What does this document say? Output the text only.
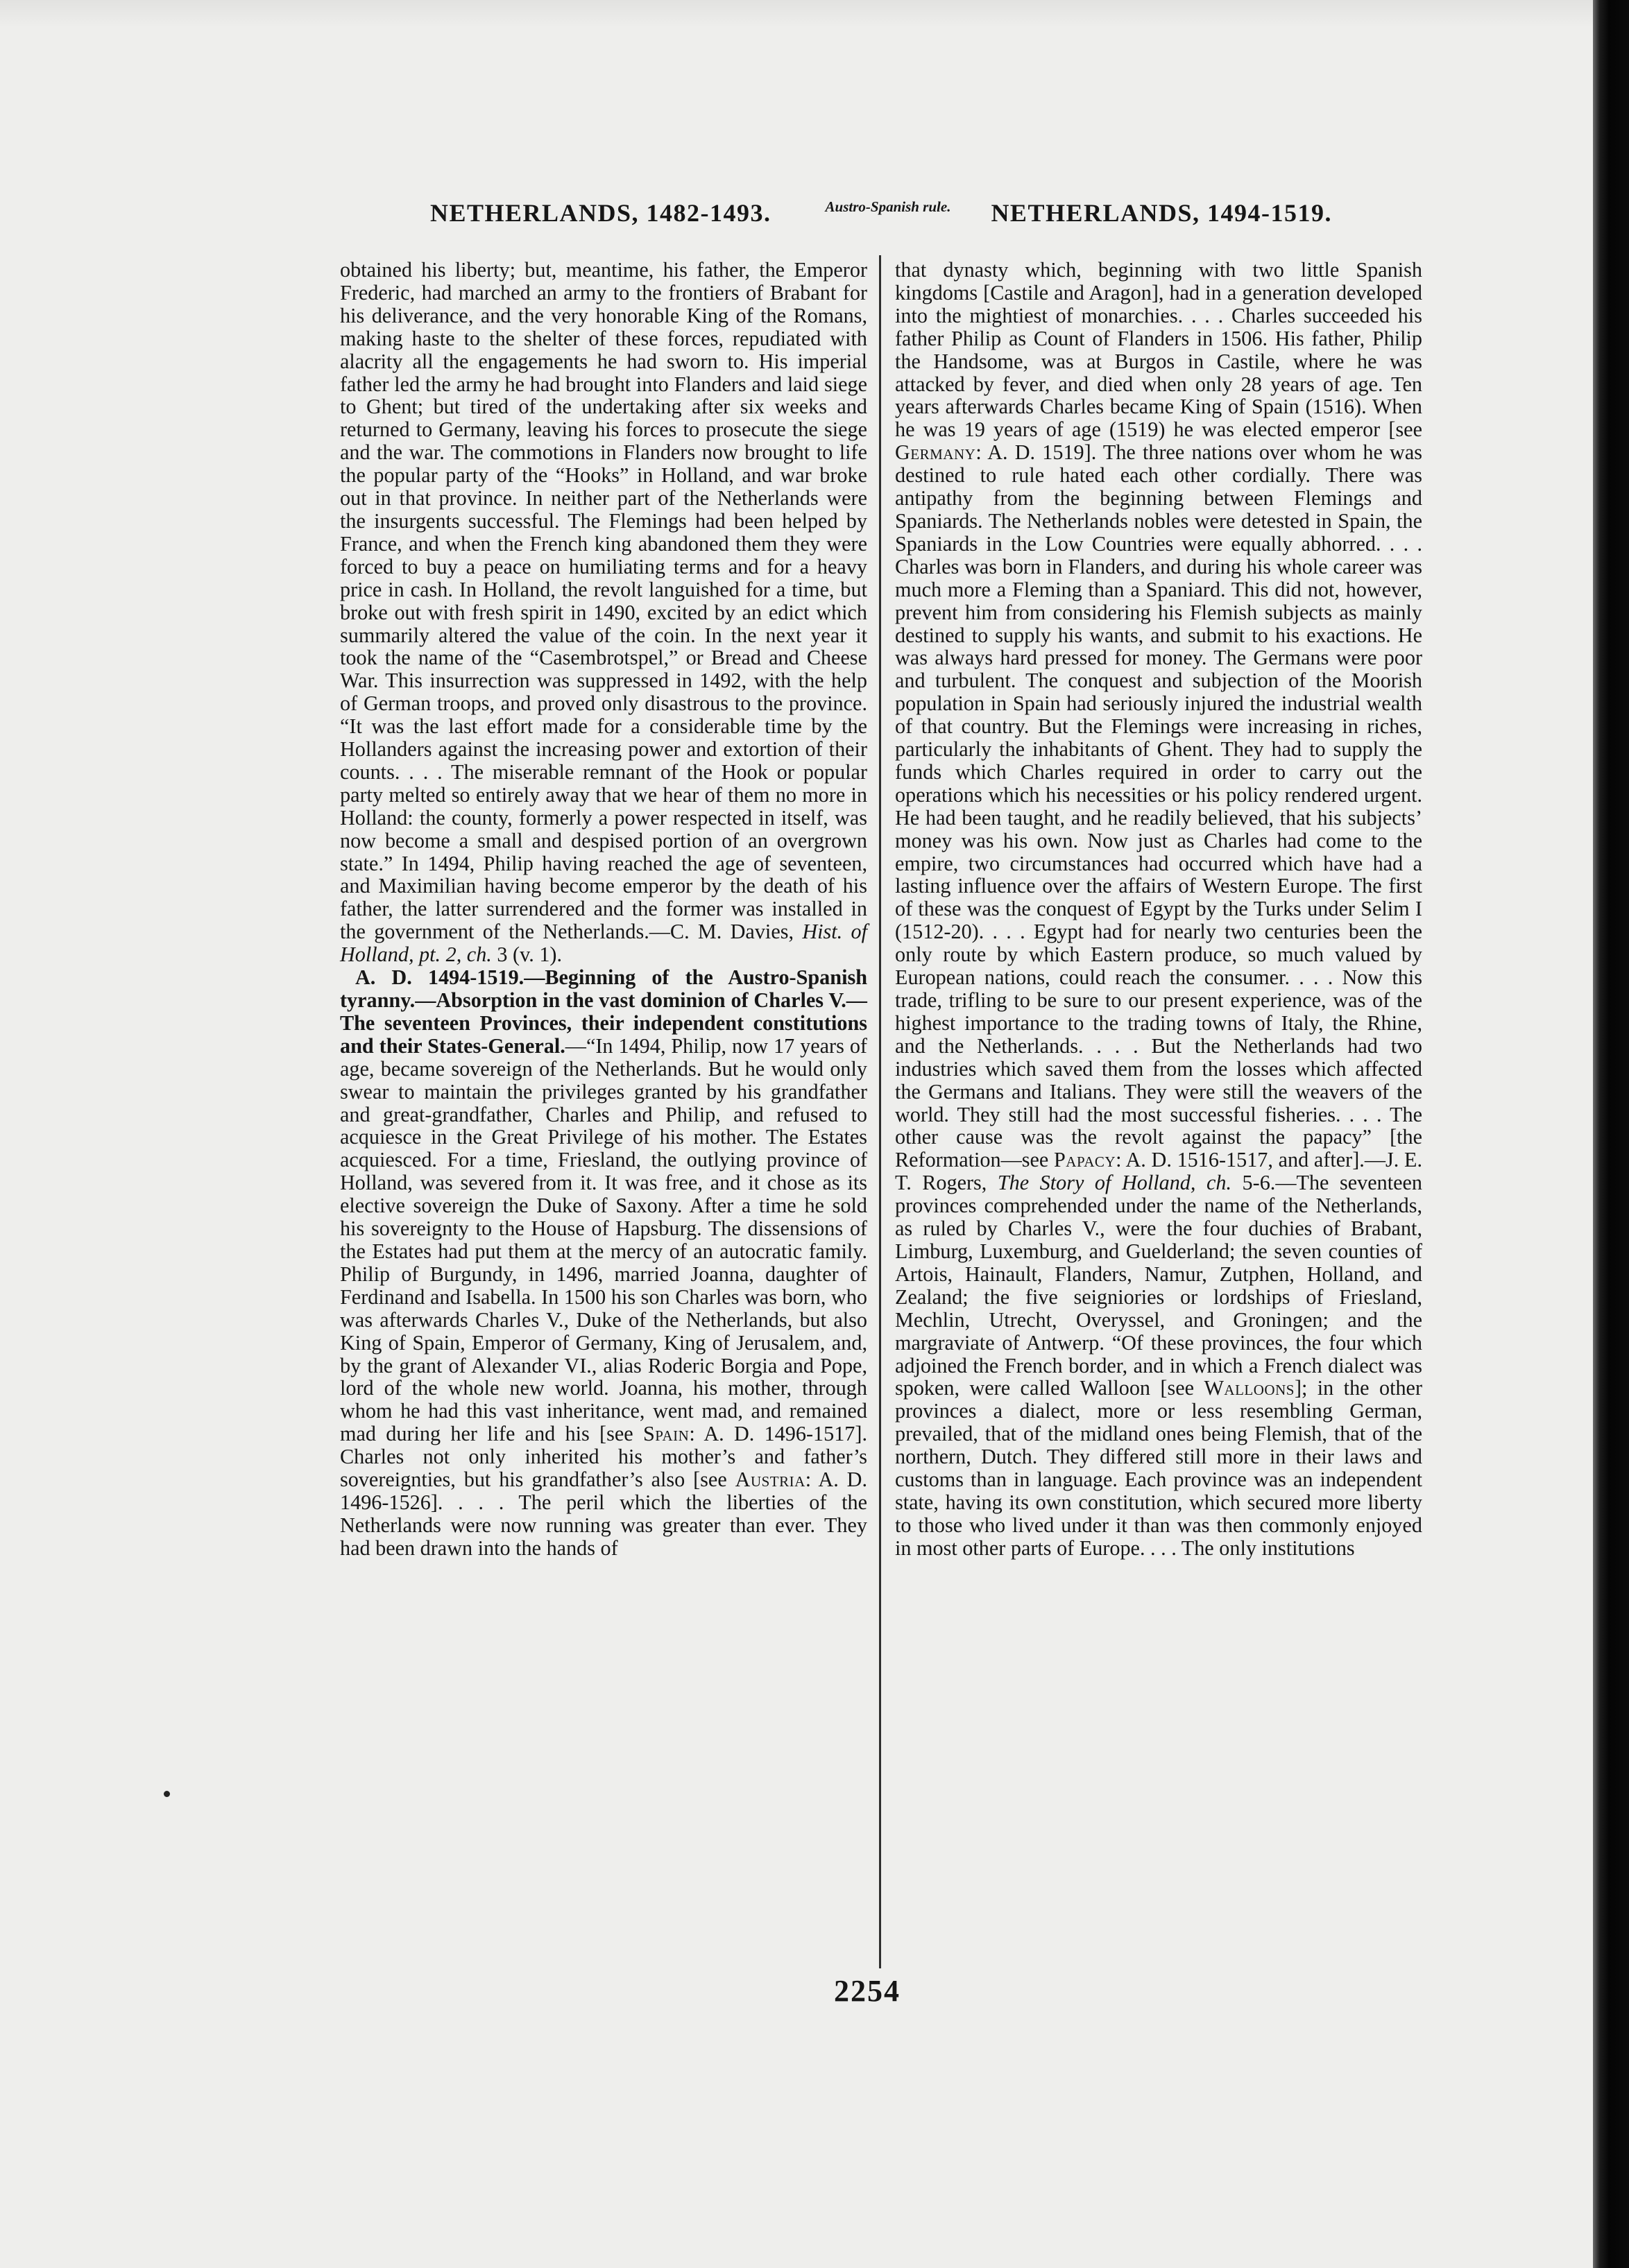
NETHERLANDS, 1482-1493.	Austro-Spanish rule.	NETHERLANDS, 1494-1519.

obtained his liberty; but, meantime, his father, the Emperor Frederic, had marched an army to the frontiers of Brabant for his deliverance, and the very honorable King of the Romans, making haste to the shelter of these forces, repudiated with alacrity all the engagements he had sworn to. His imperial father led the army he had brought into Flanders and laid siege to Ghent; but tired of the undertaking after six weeks and returned to Germany, leaving his forces to prosecute the siege and the war. The commotions in Flanders now brought to life the popular party of the “Hooks” in Holland, and war broke out in that province. In neither part of the Netherlands were the insurgents successful. The Flemings had been helped by France, and when the French king abandoned them they were forced to buy a peace on humiliating terms and for a heavy price in cash. In Holland, the revolt languished for a time, but broke out with fresh spirit in 1490, excited by an edict which summarily altered the value of the coin. In the next year it took the name of the “Casembrotspel,” or Bread and Cheese War. This insurrection was suppressed in 1492, with the help of German troops, and proved only disastrous to the province. “It was the last effort made for a considerable time by the Hollanders against the increasing power and extortion of their counts. . . . The miserable remnant of the Hook or popular party melted so entirely away that we hear of them no more in Holland: the county, formerly a power respected in itself, was now become a small and despised portion of an overgrown state.” In 1494, Philip having reached the age of seventeen, and Maximilian having become emperor by the death of his father, the latter surrendered and the former was installed in the government of the Netherlands.—C. M. Davies, Hist. of Holland, pt. 2, ch. 3 (v. 1).

A. D. 1494-1519.—Beginning of the Austro-Spanish tyranny.—Absorption in the vast dominion of Charles V.—The seventeen Provinces, their independent constitutions and their States-General.—“In 1494, Philip, now 17 years of age, became sovereign of the Netherlands. But he would only swear to maintain the privileges granted by his grandfather and great-grandfather, Charles and Philip, and refused to acquiesce in the Great Privilege of his mother. The Estates acquiesced. For a time, Friesland, the outlying province of Holland, was severed from it. It was free, and it chose as its elective sovereign the Duke of Saxony. After a time he sold his sovereignty to the House of Hapsburg. The dissensions of the Estates had put them at the mercy of an autocratic family. Philip of Burgundy, in 1496, married Joanna, daughter of Ferdinand and Isabella. In 1500 his son Charles was born, who was afterwards Charles V., Duke of the Netherlands, but also King of Spain, Emperor of Germany, King of Jerusalem, and, by the grant of Alexander VI., alias Roderic Borgia and Pope, lord of the whole new world. Joanna, his mother, through whom he had this vast inheritance, went mad, and remained mad during her life and his [see Spain: A. D. 1496-1517]. Charles not only inherited his mother’s and father’s sovereignties, but his grandfather’s also [see Austria: A. D. 1496-1526]. . . . The peril which the liberties of the Netherlands were now running was greater than ever. They had been drawn into the hands of

that dynasty which, beginning with two little Spanish kingdoms [Castile and Aragon], had in a generation developed into the mightiest of monarchies. . . . Charles succeeded his father Philip as Count of Flanders in 1506. His father, Philip the Handsome, was at Burgos in Castile, where he was attacked by fever, and died when only 28 years of age. Ten years afterwards Charles became King of Spain (1516). When he was 19 years of age (1519) he was elected emperor [see Germany: A. D. 1519]. The three nations over whom he was destined to rule hated each other cordially. There was antipathy from the beginning between Flemings and Spaniards. The Netherlands nobles were detested in Spain, the Spaniards in the Low Countries were equally abhorred. . . . Charles was born in Flanders, and during his whole career was much more a Fleming than a Spaniard. This did not, however, prevent him from considering his Flemish subjects as mainly destined to supply his wants, and submit to his exactions. He was always hard pressed for money. The Germans were poor and turbulent. The conquest and subjection of the Moorish population in Spain had seriously injured the industrial wealth of that country. But the Flemings were increasing in riches, particularly the inhabitants of Ghent. They had to supply the funds which Charles required in order to carry out the operations which his necessities or his policy rendered urgent. He had been taught, and he readily believed, that his subjects’ money was his own. Now just as Charles had come to the empire, two circumstances had occurred which have had a lasting influence over the affairs of Western Europe. The first of these was the conquest of Egypt by the Turks under Selim I (1512-20). . . . Egypt had for nearly two centuries been the only route by which Eastern produce, so much valued by European nations, could reach the consumer. . . . Now this trade, trifling to be sure to our present experience, was of the highest importance to the trading towns of Italy, the Rhine, and the Netherlands. . . . But the Netherlands had two industries which saved them from the losses which affected the Germans and Italians. They were still the weavers of the world. They still had the most successful fisheries. . . . The other cause was the revolt against the papacy” [the Reformation—see Papacy: A. D. 1516-1517, and after].—J. E. T. Rogers, The Story of Holland, ch. 5-6.—The seventeen provinces comprehended under the name of the Netherlands, as ruled by Charles V., were the four duchies of Brabant, Limburg, Luxemburg, and Guelderland; the seven counties of Artois, Hainault, Flanders, Namur, Zutphen, Holland, and Zealand; the five seigniories or lordships of Friesland, Mechlin, Utrecht, Overyssel, and Groningen; and the margraviate of Antwerp. “Of these provinces, the four which adjoined the French border, and in which a French dialect was spoken, were called Walloon [see Walloons]; in the other provinces a dialect, more or less resembling German, prevailed, that of the midland ones being Flemish, that of the northern, Dutch. They differed still more in their laws and customs than in language. Each province was an independent state, having its own constitution, which secured more liberty to those who lived under it than was then commonly enjoyed in most other parts of Europe. . . . The only institutions

2254
